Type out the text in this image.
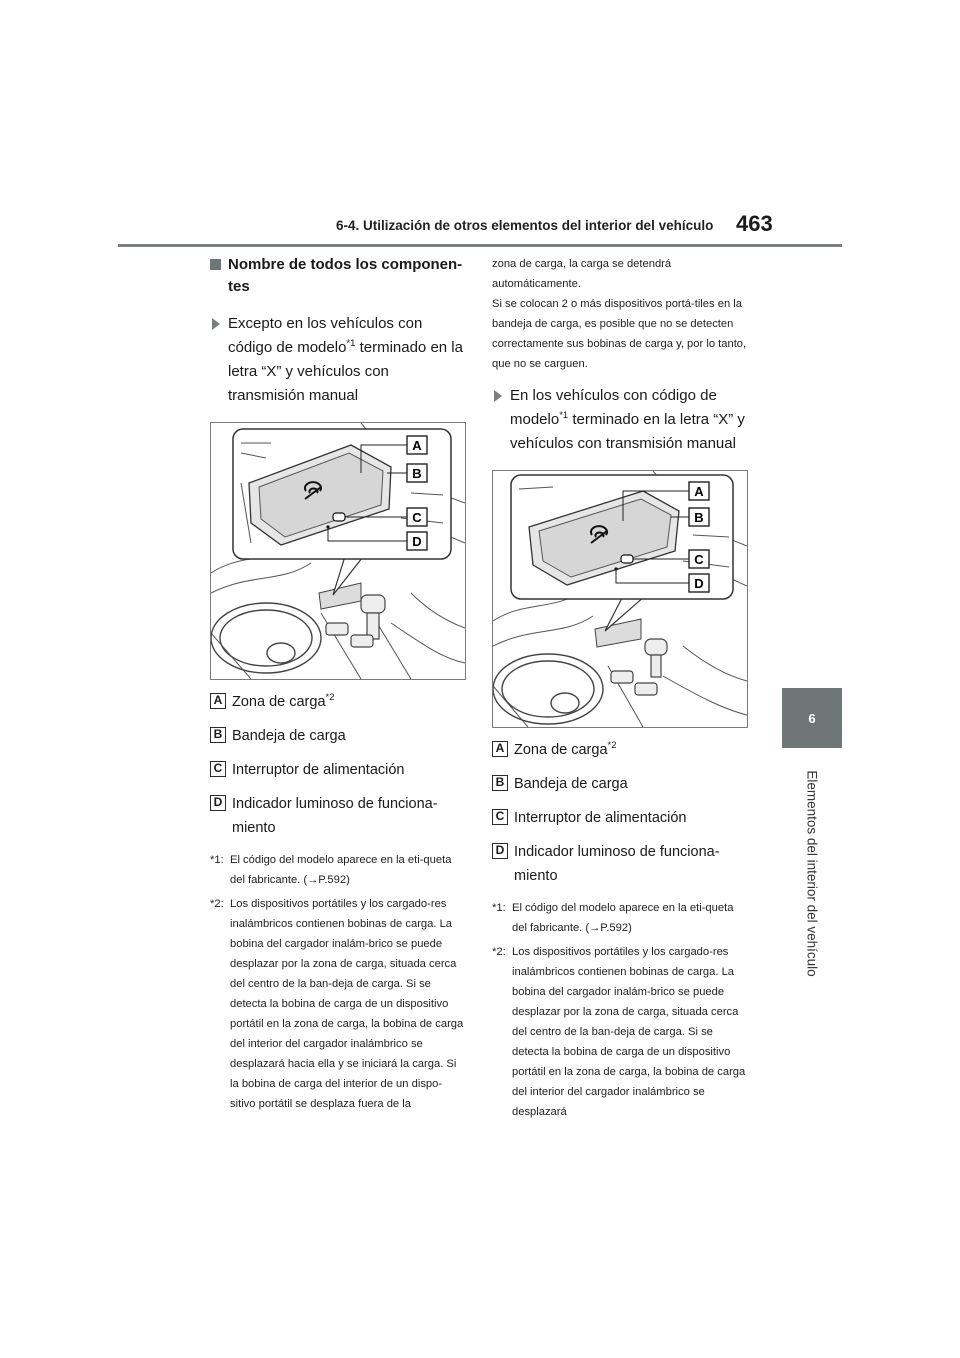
6-4. Utilización de otros elementos del interior del vehículo 463
6
Elementos del interior del vehículo
Nombre de todos los componen-tes
Excepto en los vehículos con código de modelo$^{*1}$ terminado en la letra “X” y vehículos con transmisión manual
A
B
C
D
A Zona de carga$^{*2}$
B Bandeja de carga
C Interruptor de alimentación
D Indicador luminoso de funciona-miento
*1: El código del modelo aparece en la eti-queta del fabricante. (→P.592)
*2: Los dispositivos portátiles y los cargado-res inalámbricos contienen bobinas de carga. La bobina del cargador inalám-brico se puede desplazar por la zona de carga, situada cerca del centro de la ban-deja de carga. Si se detecta la bobina de carga de un dispositivo portátil en la zona de carga, la bobina de carga del interior del cargador inalámbrico se desplazará hacia ella y se iniciará la carga. Si la bobina de carga del interior de un dispo-sitivo portátil se desplaza fuera de la
zona de carga, la carga se detendrá automáticamente.
Si se colocan 2 o más dispositivos portá-tiles en la bandeja de carga, es posible que no se detecten correctamente sus bobinas de carga y, por lo tanto, que no se carguen.
En los vehículos con código de modelo$^{*1}$ terminado en la letra “X” y vehículos con transmisión manual
A
B
C
D
A Zona de carga$^{*2}$
B Bandeja de carga
C Interruptor de alimentación
D Indicador luminoso de funciona-miento
*1: El código del modelo aparece en la eti-queta del fabricante. (→P.592)
*2: Los dispositivos portátiles y los cargado-res inalámbricos contienen bobinas de carga. La bobina del cargador inalám-brico se puede desplazar por la zona de carga, situada cerca del centro de la ban-deja de carga. Si se detecta la bobina de carga de un dispositivo portátil en la zona de carga, la bobina de carga del interior del cargador inalámbrico se desplazará
